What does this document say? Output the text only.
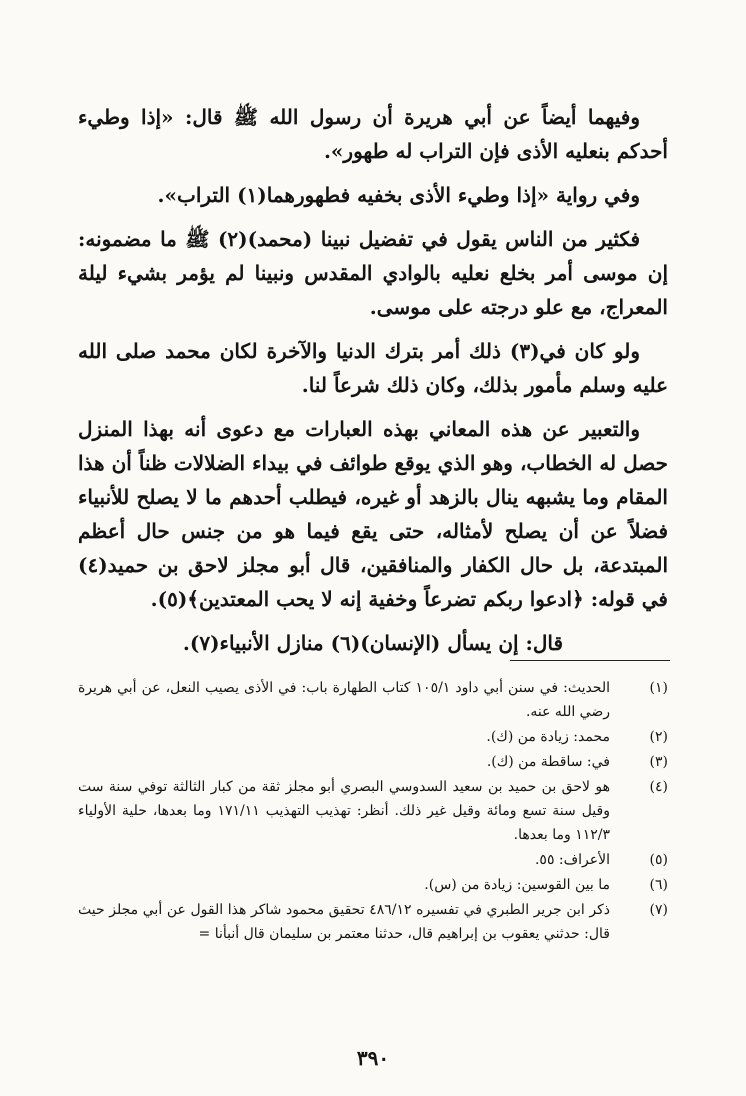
وفيهما أيضاً عن أبي هريرة أن رسول الله ﷺ قال: «إذا وطيء أحدكم بنعليه الأذى فإن التراب له طهور».

وفي رواية «إذا وطيء الأذى بخفيه فطهورهما(١) التراب».

فكثير من الناس يقول في تفضيل نبينا (محمد)(٢) ﷺ ما مضمونه: إن موسى أمر بخلع نعليه بالوادي المقدس ونبينا لم يؤمر بشيء ليلة المعراج، مع علو درجته على موسى.

ولو كان في(٣) ذلك أمر بترك الدنيا والآخرة لكان محمد صلى الله عليه وسلم مأمور بذلك، وكان ذلك شرعاً لنا.

والتعبير عن هذه المعاني بهذه العبارات مع دعوى أنه بهذا المنزل حصل له الخطاب، وهو الذي يوقع طوائف في بيداء الضلالات ظناً أن هذا المقام وما يشبهه ينال بالزهد أو غيره، فيطلب أحدهم ما لا يصلح للأنبياء فضلاً عن أن يصلح لأمثاله، حتى يقع فيما هو من جنس حال أعظم المبتدعة، بل حال الكفار والمنافقين، قال أبو مجلز لاحق بن حميد(٤) في قوله: ﴿ادعوا ربكم تضرعاً وخفية إنه لا يحب المعتدين﴾(٥).

قال: إن يسأل (الإنسان)(٦) منازل الأنبياء(٧).

(١)
الحديث: في سنن أبي داود ١٠٥/١ كتاب الطهارة باب: في الأذى يصيب النعل، عن أبي هريرة رضي الله عنه.
(٢)
محمد: زيادة من (ك).
(٣)
في: ساقطة من (ك).
(٤)
هو لاحق بن حميد بن سعيد السدوسي البصري أبو مجلز ثقة من كبار الثالثة توفي سنة ست وقيل سنة تسع ومائة وقيل غير ذلك. أنظر: تهذيب التهذيب ١٧١/١١ وما بعدها، حلية الأولياء ١١٢/٣ وما بعدها.
(٥)
الأعراف: ٥٥.
(٦)
ما بين القوسين: زيادة من (س).
(٧)
ذكر ابن جرير الطبري في تفسيره ٤٨٦/١٢ تحقيق محمود شاكر هذا القول عن أبي مجلز حيث قال: حدثني يعقوب بن إبراهيم قال، حدثنا معتمر بن سليمان قال أنبأنا =
٣٩٠
